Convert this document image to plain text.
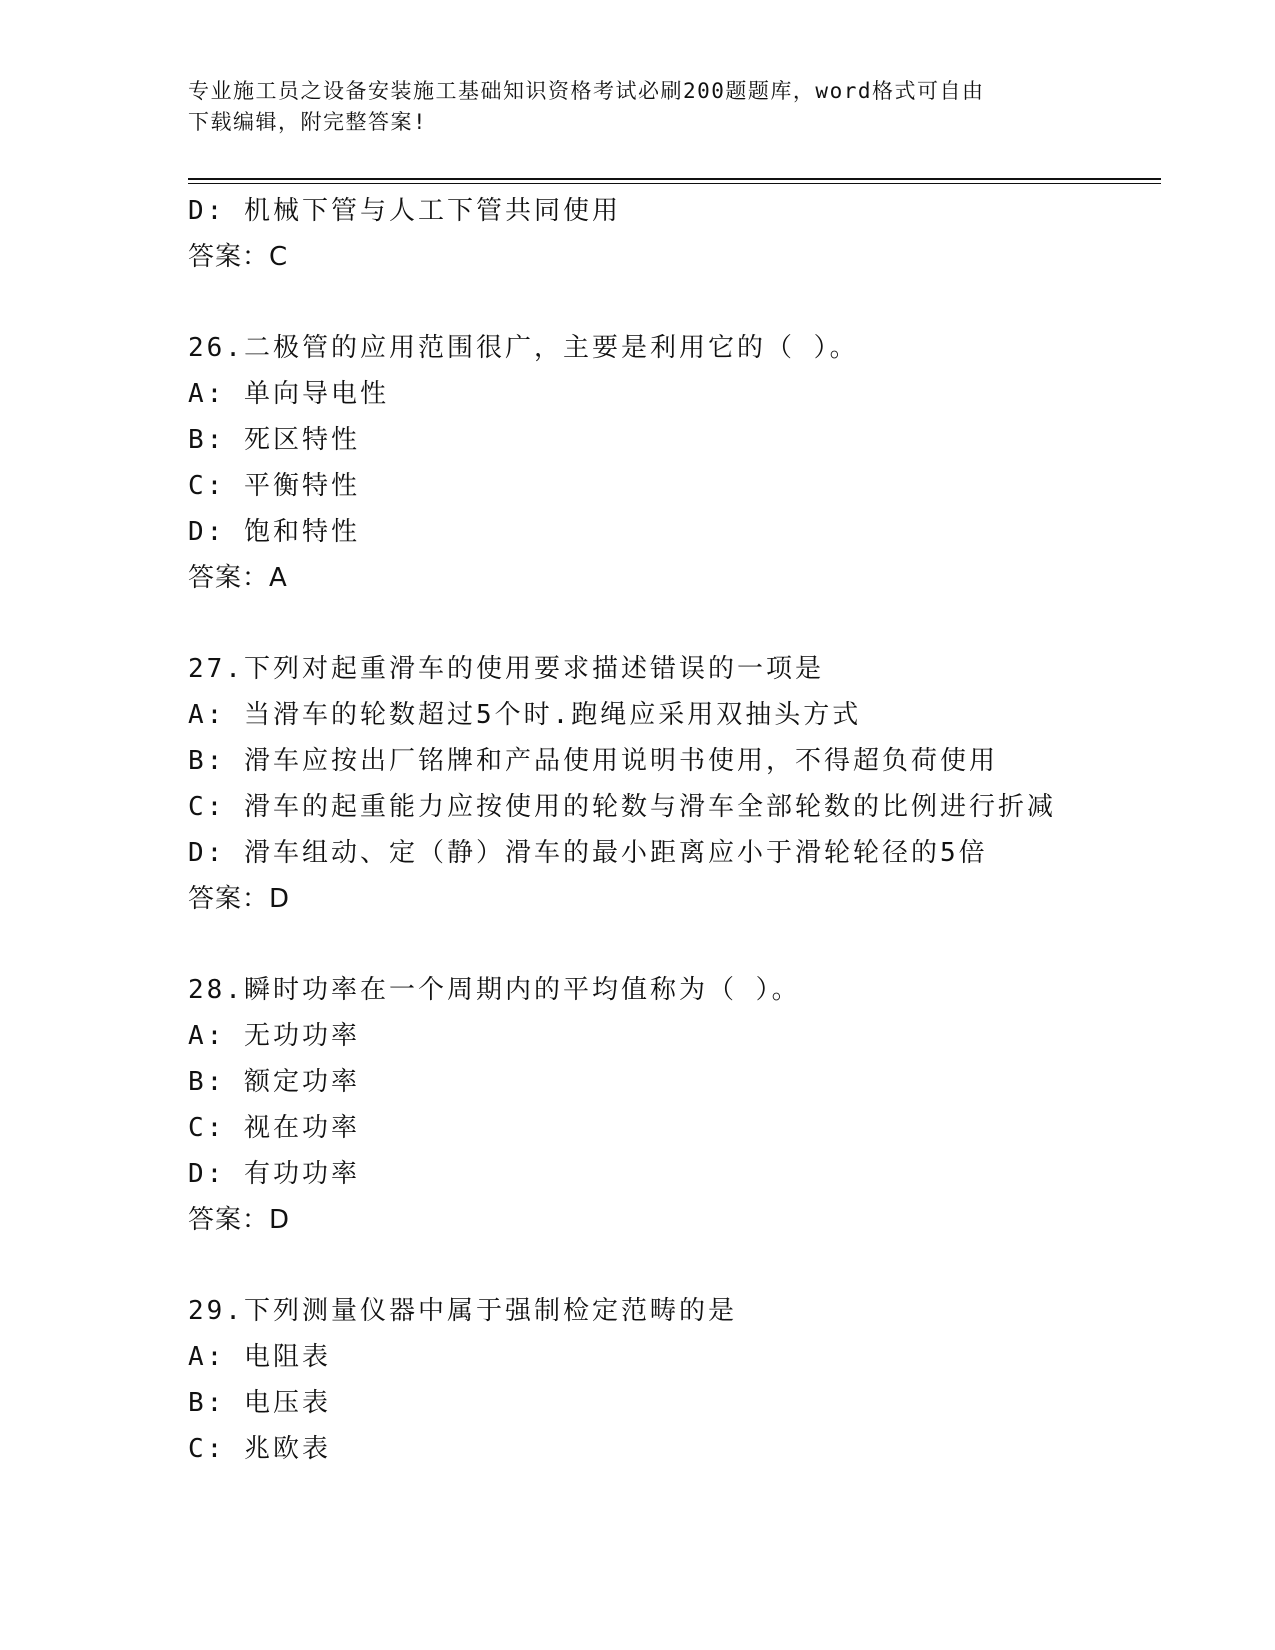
专业施工员之设备安装施工基础知识资格考试必刷200题题库，word格式可自由
下载编辑，附完整答案!
D: 机械下管与人工下管共同使用
答案：C
26.二极管的应用范围很广，主要是利用它的（ ）。
A: 单向导电性
B: 死区特性
C: 平衡特性
D: 饱和特性
答案：A
27.下列对起重滑车的使用要求描述错误的一项是
A: 当滑车的轮数超过5个时.跑绳应采用双抽头方式
B: 滑车应按出厂铭牌和产品使用说明书使用，不得超负荷使用
C: 滑车的起重能力应按使用的轮数与滑车全部轮数的比例进行折减
D: 滑车组动、定（静）滑车的最小距离应小于滑轮轮径的5倍
答案：D
28.瞬时功率在一个周期内的平均值称为（ ）。
A: 无功功率
B: 额定功率
C: 视在功率
D: 有功功率
答案：D
29.下列测量仪器中属于强制检定范畴的是
A: 电阻表
B: 电压表
C: 兆欧表
